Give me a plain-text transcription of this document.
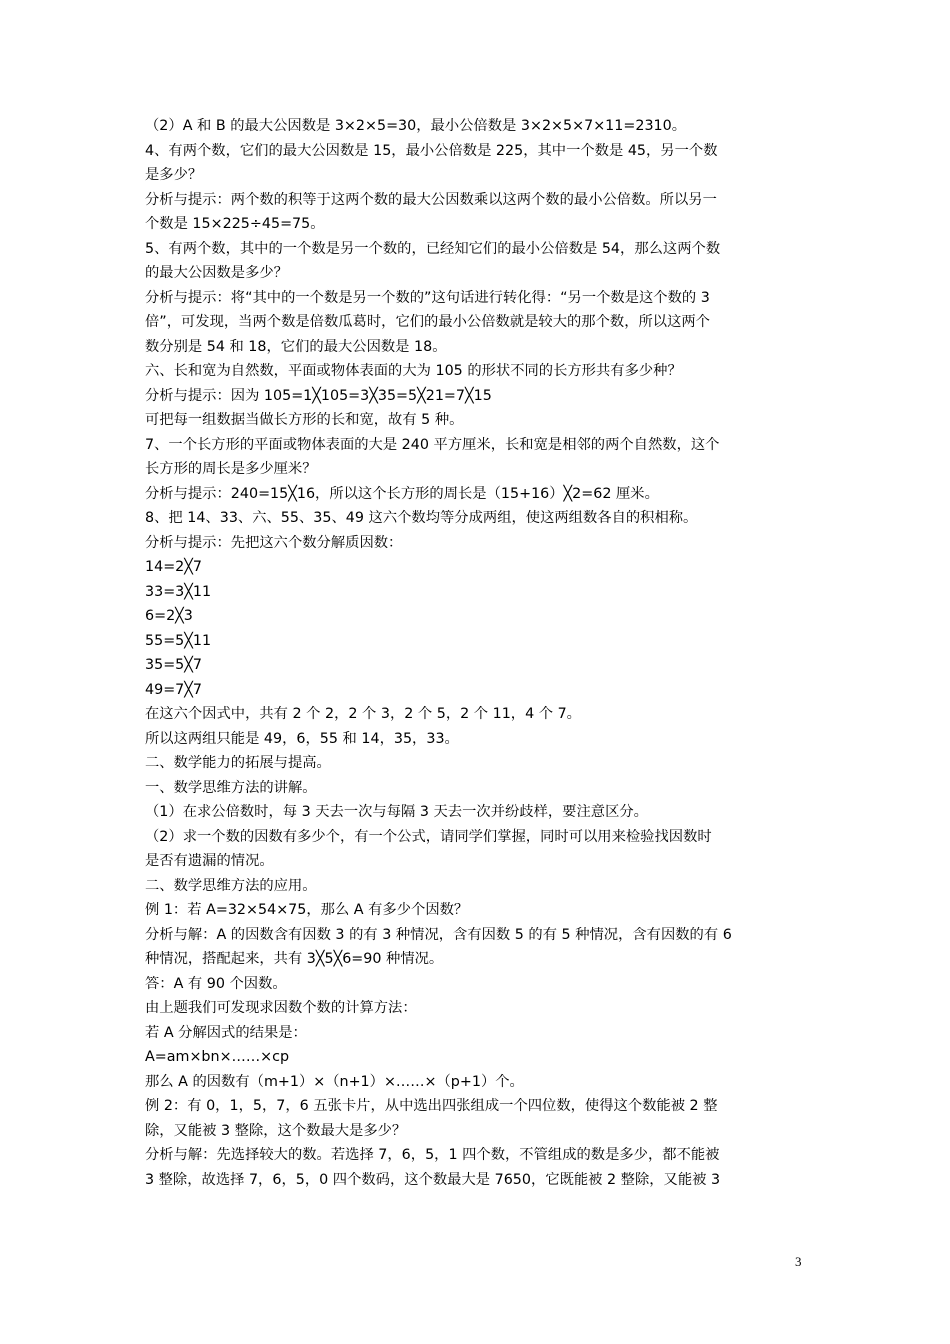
（2）A 和 B 的最大公因数是 3×2×5=30，最小公倍数是 3×2×5×7×11=2310。
4、有两个数，它们的最大公因数是 15，最小公倍数是 225，其中一个数是 45，另一个数
是多少？
分析与提示：两个数的积等于这两个数的最大公因数乘以这两个数的最小公倍数。所以另一
个数是 15×225÷45=75。
5、有两个数，其中的一个数是另一个数的，已经知它们的最小公倍数是 54，那么这两个数
的最大公因数是多少？
分析与提示：将“其中的一个数是另一个数的”这句话进行转化得：“另一个数是这个数的 3
倍”，可发现，当两个数是倍数瓜葛时，它们的最小公倍数就是较大的那个数，所以这两个
数分别是 54 和 18，它们的最大公因数是 18。
六、长和宽为自然数，平面或物体表面的大为 105 的形状不同的长方形共有多少种？
分析与提示：因为 105=1╳105=3╳35=5╳21=7╳15
可把每一组数据当做长方形的长和宽，故有 5 种。
7、一个长方形的平面或物体表面的大是 240 平方厘米，长和宽是相邻的两个自然数，这个
长方形的周长是多少厘米？
分析与提示：240=15╳16，所以这个长方形的周长是（15+16）╳2=62 厘米。
8、把 14、33、六、55、35、49 这六个数均等分成两组，使这两组数各自的积相称。
分析与提示：先把这六个数分解质因数：
14=2╳7
33=3╳11
6=2╳3
55=5╳11
35=5╳7
49=7╳7
在这六个因式中，共有 2 个 2，2 个 3，2 个 5，2 个 11，4 个 7。
所以这两组只能是 49，6，55 和 14，35，33。
二、数学能力的拓展与提高。
一、数学思维方法的讲解。
（1）在求公倍数时，每 3 天去一次与每隔 3 天去一次并纷歧样，要注意区分。
（2）求一个数的因数有多少个，有一个公式，请同学们掌握，同时可以用来检验找因数时
是否有遗漏的情况。
二、数学思维方法的应用。
例 1：若 A=32×54×75，那么 A 有多少个因数？
分析与解：A 的因数含有因数 3 的有 3 种情况，含有因数 5 的有 5 种情况，含有因数的有 6
种情况，搭配起来，共有 3╳5╳6=90 种情况。
答：A 有 90 个因数。
由上题我们可发现求因数个数的计算方法：
若 A 分解因式的结果是：
A=am×bn×……×cp
那么 A 的因数有（m+1）×（n+1）×……×（p+1）个。
例 2：有 0，1，5，7，6 五张卡片，从中选出四张组成一个四位数，使得这个数能被 2 整
除，又能被 3 整除，这个数最大是多少？
分析与解：先选择较大的数。若选择 7，6，5，1 四个数，不管组成的数是多少，都不能被
3 整除，故选择 7，6，5，0 四个数码，这个数最大是 7650，它既能被 2 整除，又能被 3
3
